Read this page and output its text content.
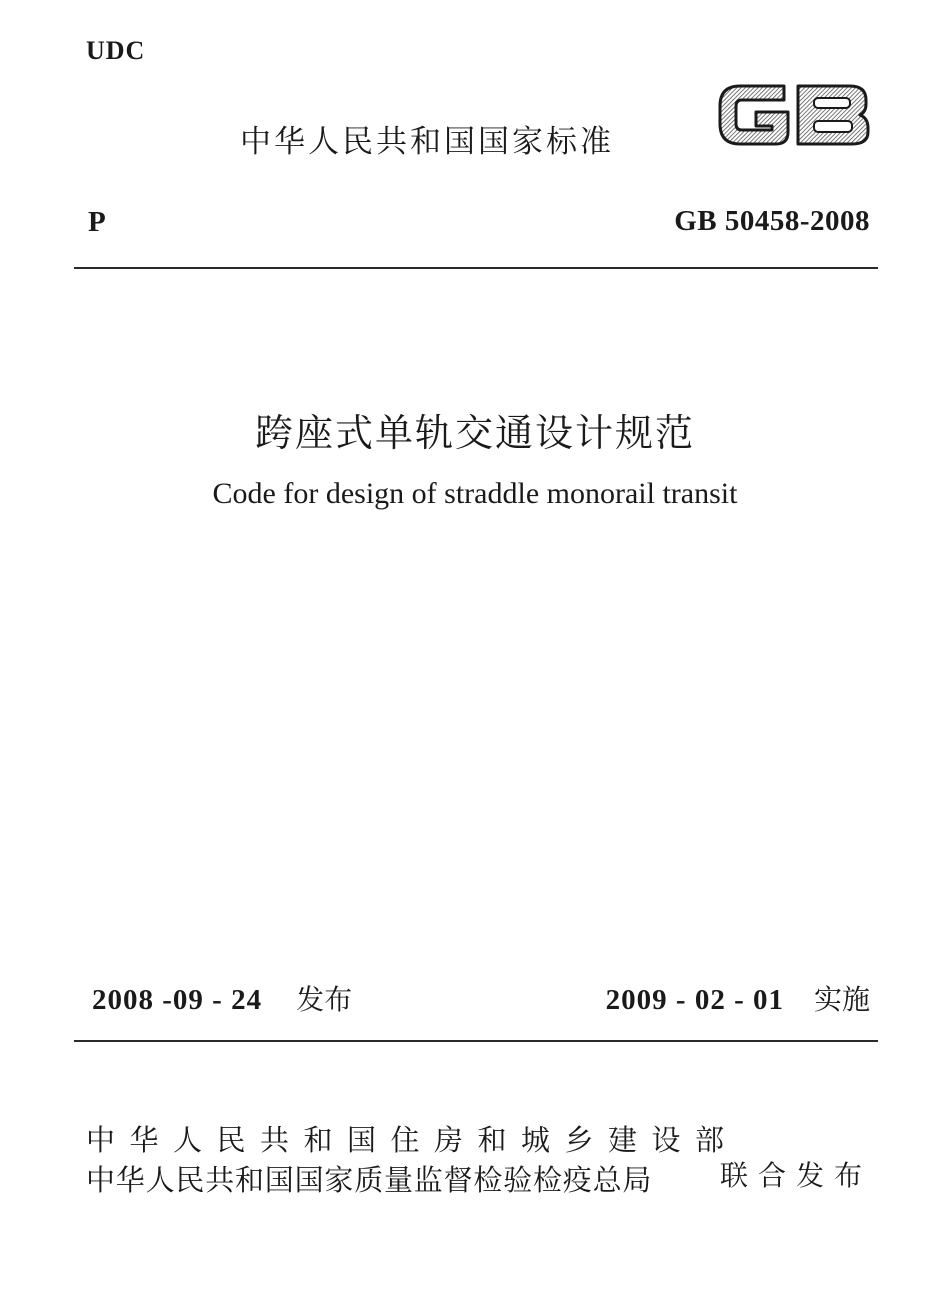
UDC
中华人民共和国国家标准
P	GB 50458-2008
跨座式单轨交通设计规范
Code for design of straddle monorail transit
2008 -09 - 24 发布	2009 - 02 - 01 实施
中华人民共和国住房和城乡建设部
中华人民共和国国家质量监督检验检疫总局	联合发布
